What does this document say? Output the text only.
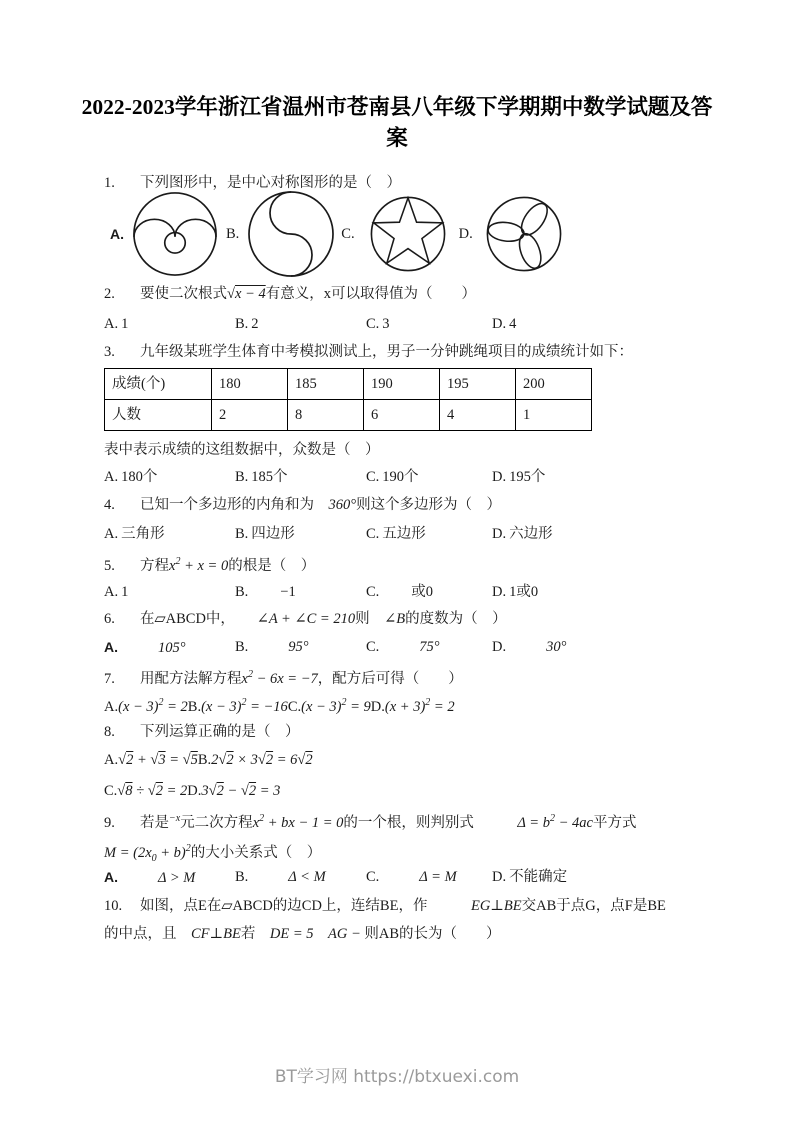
2022-2023学年浙江省温州市苍南县八年级下学期期中数学试题及答案
1. 下列图形中，是中心对称图形的是（　）
A.	B.	C.	D.
2. 要使二次根式√x − 4有意义，x可以取得值为（　　）
A. 1	B. 2	C. 3	D. 4
3. 九年级某班学生体育中考模拟测试上，男子一分钟跳绳项目的成绩统计如下：
成绩(个)	180	185	190	195	200
人数	2	8	6	4	1
表中表示成绩的这组数据中，众数是（　）
A. 180个	B. 185个	C. 190个	D. 195个
4. 已知一个多边形的内角和为　360°则这个多边形为（　）
A. 三角形	B. 四边形	C. 五边形	D. 六边形
5. 方程$x^2 + x = 0$的根是（　）
A. 1	B.　　−1	C.　　或0	D. 1或0
6. 在▱ABCD中，　　∠A + ∠C = 210则　∠B的度数为（　）
A.	105°	B.	95°	C.	75°	D.	30°
7. 用配方法解方程$x^2 - 6x = -7$，配方后可得（　　）
$A.(x - 3)^2 = 2B.(x - 3)^2 = -16C.(x - 3)^2 = 9D.(x + 3)^2 = 2$
8. 下列运算正确的是（　）
A.√2 + √3 = √5B.2√2 × 3√2 = 6√2
C.√8 ÷ √2 = 2D.3√2 − √2 = 3
9. 若是$^{-x}$元二次方程$x^2$ + bx − 1 = 0的一个根，则判别式　　　$\Delta = b^2 - 4ac$平方式
$M = (2x_0 + b)^2$的大小关系式（　）
A.	Δ > M	B.	Δ < M	C.	Δ = M	D. 不能确定
10. 如图，点E在▱ABCD的边CD上，连结BE，作　　　EG⊥BE交AB于点G，点F是BE
的中点，且　CF⊥BE若　DE = 5　 AG − 则AB的长为（　　）
BT学习网 https://btxuexi.com
